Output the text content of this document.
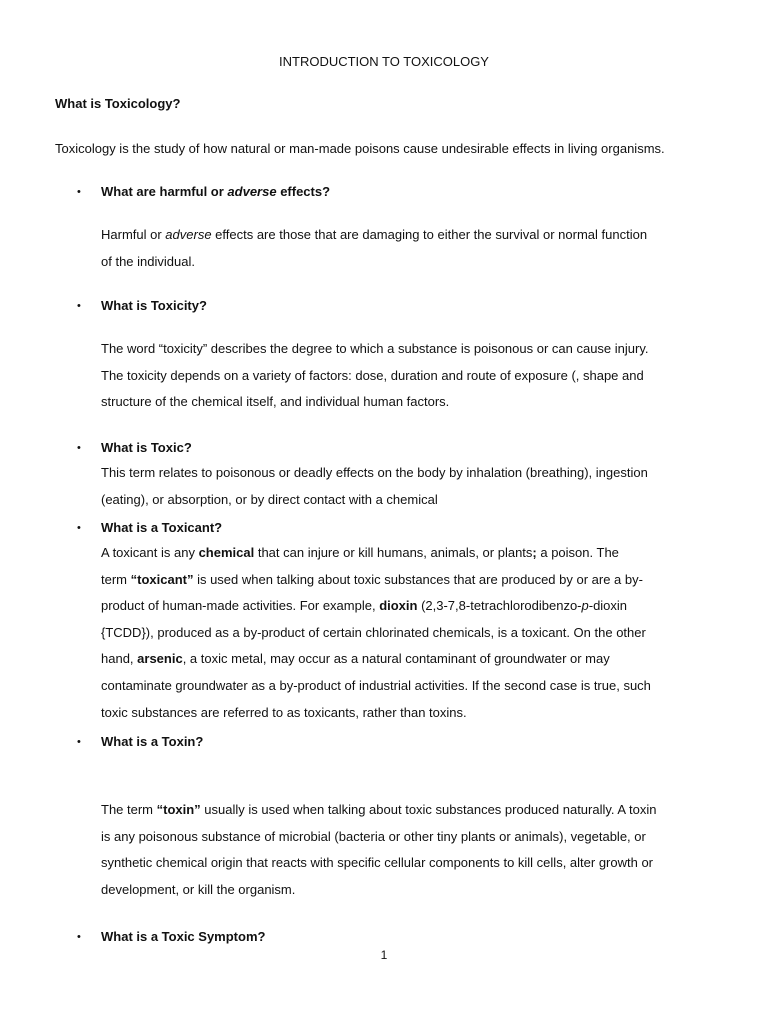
INTRODUCTION TO TOXICOLOGY
What is Toxicology?
Toxicology is the study of how natural or man-made poisons cause undesirable effects in living organisms.
• What are harmful or adverse effects?
Harmful or adverse effects are those that are damaging to either the survival or normal function
of the individual.
• What is Toxicity?
The word “toxicity” describes the degree to which a substance is poisonous or can cause injury.
The toxicity depends on a variety of factors: dose, duration and route of exposure (, shape and
structure of the chemical itself, and individual human factors.
• What is Toxic?
This term relates to poisonous or deadly effects on the body by inhalation (breathing), ingestion
(eating), or absorption, or by direct contact with a chemical
• What is a Toxicant?
A toxicant is any chemical that can injure or kill humans, animals, or plants; a poison. The
term “toxicant” is used when talking about toxic substances that are produced by or are a by-
product of human-made activities. For example, dioxin (2,3-7,8-tetrachlorodibenzo-p-dioxin
{TCDD}), produced as a by-product of certain chlorinated chemicals, is a toxicant. On the other
hand, arsenic, a toxic metal, may occur as a natural contaminant of groundwater or may
contaminate groundwater as a by-product of industrial activities. If the second case is true, such
toxic substances are referred to as toxicants, rather than toxins.
• What is a Toxin?
The term “toxin” usually is used when talking about toxic substances produced naturally. A toxin
is any poisonous substance of microbial (bacteria or other tiny plants or animals), vegetable, or
synthetic chemical origin that reacts with specific cellular components to kill cells, alter growth or
development, or kill the organism.
• What is a Toxic Symptom?
1
